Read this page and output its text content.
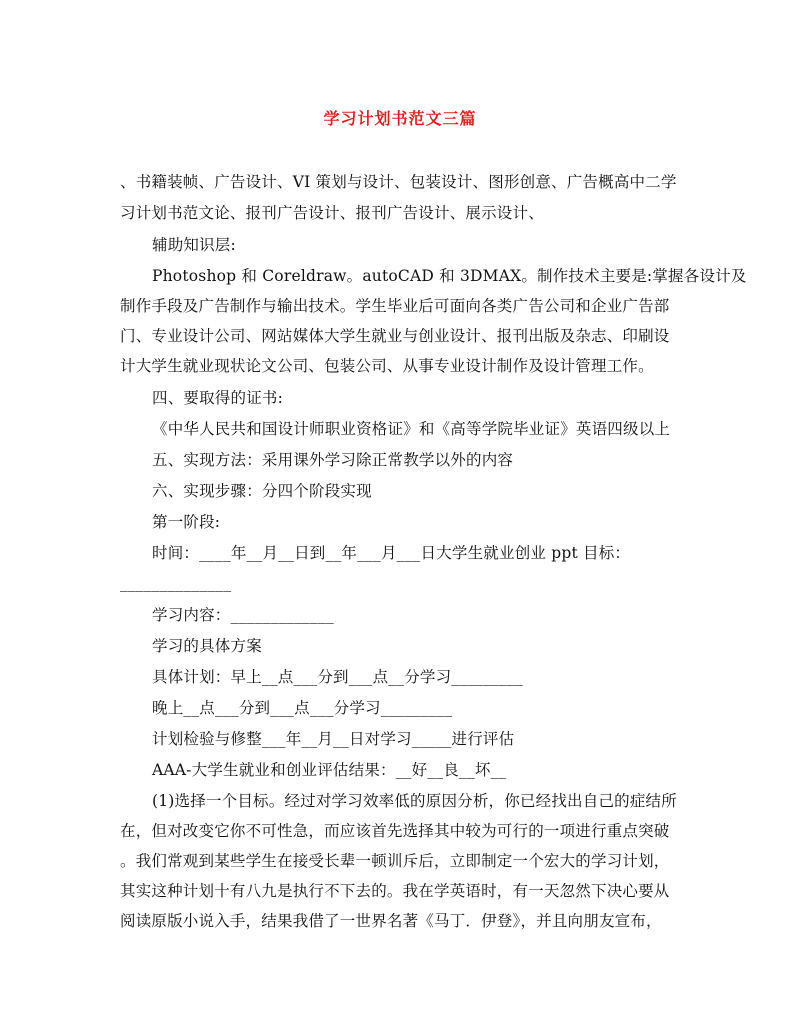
学习计划书范文三篇
、书籍装帧、广告设计、VI 策划与设计、包装设计、图形创意、广告概高中二学
习计划书范文论、报刊广告设计、报刊广告设计、展示设计、
辅助知识层:
Photoshop 和 Coreldraw。autoCAD 和 3DMAX。制作技术主要是:掌握各设计及
制作手段及广告制作与输出技术。学生毕业后可面向各类广告公司和企业广告部
门、专业设计公司、网站媒体大学生就业与创业设计、报刊出版及杂志、印刷设
计大学生就业现状论文公司、包装公司、从事专业设计制作及设计管理工作。
四、要取得的证书:
《中华人民共和国设计师职业资格证》和《高等学院毕业证》英语四级以上
五、实现方法：采用课外学习除正常教学以外的内容
六、实现步骤：分四个阶段实现
第一阶段:
时间：____年__月__日到__年___月___日大学生就业创业 ppt 目标：
______________
学习内容：_____________
学习的具体方案
具体计划：早上__点___分到___点__分学习_________
晚上__点___分到___点___分学习_________
计划检验与修整___年__月__日对学习_____进行评估
AAA-大学生就业和创业评估结果：__好__良__坏__
(1)选择一个目标。经过对学习效率低的原因分析，你已经找出自己的症结所
在，但对改变它你不可性急，而应该首先选择其中较为可行的一项进行重点突破
。我们常观到某些学生在接受长辈一顿训斥后，立即制定一个宏大的学习计划，
其实这种计划十有八九是执行不下去的。我在学英语时，有一天忽然下决心要从
阅读原版小说入手，结果我借了一世界名著《马丁．伊登》，并且向朋友宣布，
